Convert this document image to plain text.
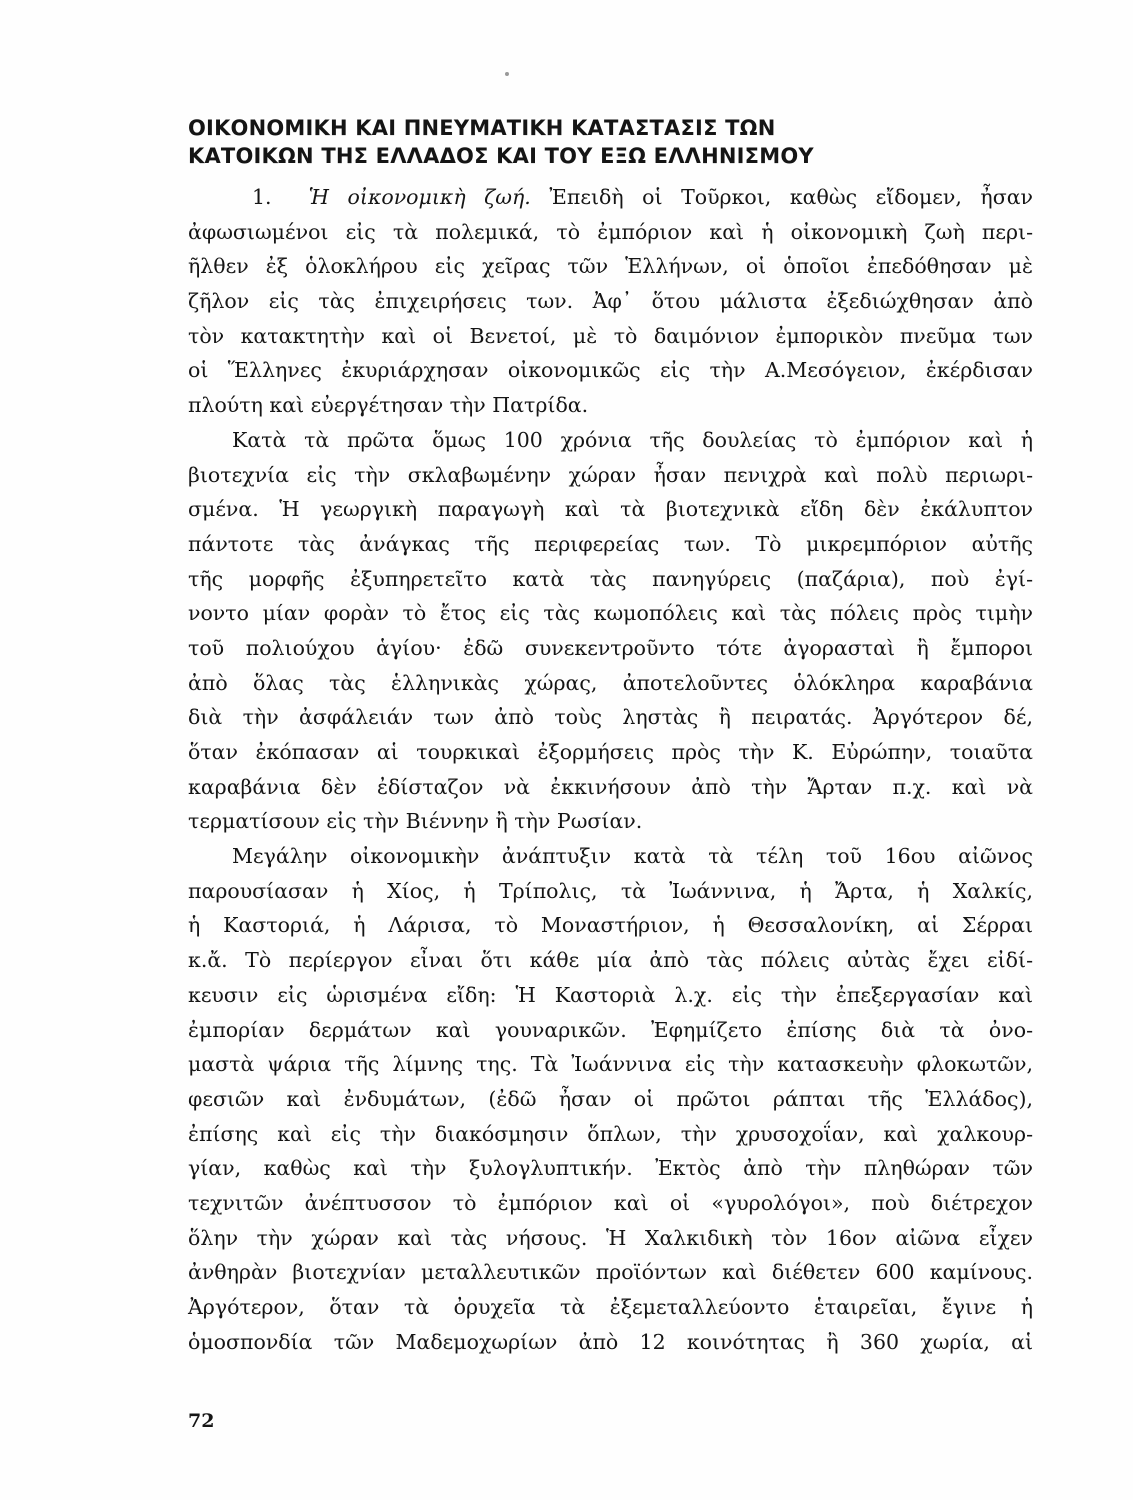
ΟΙΚΟΝΟΜΙΚΗ ΚΑΙ ΠΝΕΥΜΑΤΙΚΗ ΚΑΤΑΣΤΑΣΙΣ ΤΩΝ
ΚΑΤΟΙΚΩΝ ΤΗΣ ΕΛΛΑΔΟΣ ΚΑΙ ΤΟΥ ΕΞΩ ΕΛΛΗΝΙΣΜΟΥ
1. Ἡ οἰκονομικὴ ζωή. Ἐπειδὴ οἱ Τοῦρκοι, καθὼς εἴδομεν, ἦσαν
ἀφωσιωμένοι εἰς τὰ πολεμικά, τὸ ἐμπόριον καὶ ἡ οἰκονομικὴ ζωὴ περι-
ῆλθεν ἐξ ὁλοκλήρου εἰς χεῖρας τῶν Ἑλλήνων, οἱ ὁποῖοι ἐπεδόθησαν μὲ
ζῆλον εἰς τὰς ἐπιχειρήσεις των. Ἀφ᾿ ὅτου μάλιστα ἐξεδιώχθησαν ἀπὸ
τὸν κατακτητὴν καὶ οἱ Βενετοί, μὲ τὸ δαιμόνιον ἐμπορικὸν πνεῦμα των
οἱ Ἕλληνες ἐκυριάρχησαν οἰκονομικῶς εἰς τὴν Α.Μεσόγειον, ἐκέρδισαν
πλούτη καὶ εὐεργέτησαν τὴν Πατρίδα.
Κατὰ τὰ πρῶτα ὅμως 100 χρόνια τῆς δουλείας τὸ ἐμπόριον καὶ ἡ
βιοτεχνία εἰς τὴν σκλαβωμένην χώραν ἦσαν πενιχρὰ καὶ πολὺ περιωρι-
σμένα. Ἡ γεωργικὴ παραγωγὴ καὶ τὰ βιοτεχνικὰ εἴδη δὲν ἐκάλυπτον
πάντοτε τὰς ἀνάγκας τῆς περιφερείας των. Τὸ μικρεμπόριον αὐτῆς
τῆς μορφῆς ἐξυπηρετεῖτο κατὰ τὰς πανηγύρεις (παζάρια), ποὺ ἐγί-
νοντο μίαν φορὰν τὸ ἔτος εἰς τὰς κωμοπόλεις καὶ τὰς πόλεις πρὸς τιμὴν
τοῦ πολιούχου ἁγίου· ἐδῶ συνεκεντροῦντο τότε ἀγορασταὶ ἢ ἔμποροι
ἀπὸ ὅλας τὰς ἑλληνικὰς χώρας, ἀποτελοῦντες ὁλόκληρα καραβάνια
διὰ τὴν ἀσφάλειάν των ἀπὸ τοὺς ληστὰς ἢ πειρατάς. Ἀργότερον δέ,
ὅταν ἐκόπασαν αἱ τουρκικαὶ ἐξορμήσεις πρὸς τὴν Κ. Εὐρώπην, τοιαῦτα
καραβάνια δὲν ἐδίσταζον νὰ ἐκκινήσουν ἀπὸ τὴν Ἄρταν π.χ. καὶ νὰ
τερματίσουν εἰς τὴν Βιέννην ἢ τὴν Ρωσίαν.
Μεγάλην οἰκονομικὴν ἀνάπτυξιν κατὰ τὰ τέλη τοῦ 16ου αἰῶνος
παρουσίασαν ἡ Χίος, ἡ Τρίπολις, τὰ Ἰωάννινα, ἡ Ἄρτα, ἡ Χαλκίς,
ἡ Καστοριά, ἡ Λάρισα, τὸ Μοναστήριον, ἡ Θεσσαλονίκη, αἱ Σέρραι
κ.ἄ. Τὸ περίεργον εἶναι ὅτι κάθε μία ἀπὸ τὰς πόλεις αὐτὰς ἔχει εἰδί-
κευσιν εἰς ὡρισμένα εἴδη: Ἡ Καστοριὰ λ.χ. εἰς τὴν ἐπεξεργασίαν καὶ
ἐμπορίαν δερμάτων καὶ γουναρικῶν. Ἐφημίζετο ἐπίσης διὰ τὰ ὀνο-
μαστὰ ψάρια τῆς λίμνης της. Τὰ Ἰωάννινα εἰς τὴν κατασκευὴν φλοκωτῶν,
φεσιῶν καὶ ἐνδυμάτων, (ἐδῶ ἦσαν οἱ πρῶτοι ράπται τῆς Ἑλλάδος),
ἐπίσης καὶ εἰς τὴν διακόσμησιν ὅπλων, τὴν χρυσοχοΐαν, καὶ χαλκουρ-
γίαν, καθὼς καὶ τὴν ξυλογλυπτικήν. Ἐκτὸς ἀπὸ τὴν πληθώραν τῶν
τεχνιτῶν ἀνέπτυσσον τὸ ἐμπόριον καὶ οἱ «γυρολόγοι», ποὺ διέτρεχον
ὅλην τὴν χώραν καὶ τὰς νήσους. Ἡ Χαλκιδικὴ τὸν 16ον αἰῶνα εἶχεν
ἀνθηρὰν βιοτεχνίαν μεταλλευτικῶν προϊόντων καὶ διέθετεν 600 καμίνους.
Ἀργότερον, ὅταν τὰ ὀρυχεῖα τὰ ἐξεμεταλλεύοντο ἑταιρεῖαι, ἔγινε ἡ
ὁμοσπονδία τῶν Μαδεμοχωρίων ἀπὸ 12 κοινότητας ἢ 360 χωρία, αἱ
72
